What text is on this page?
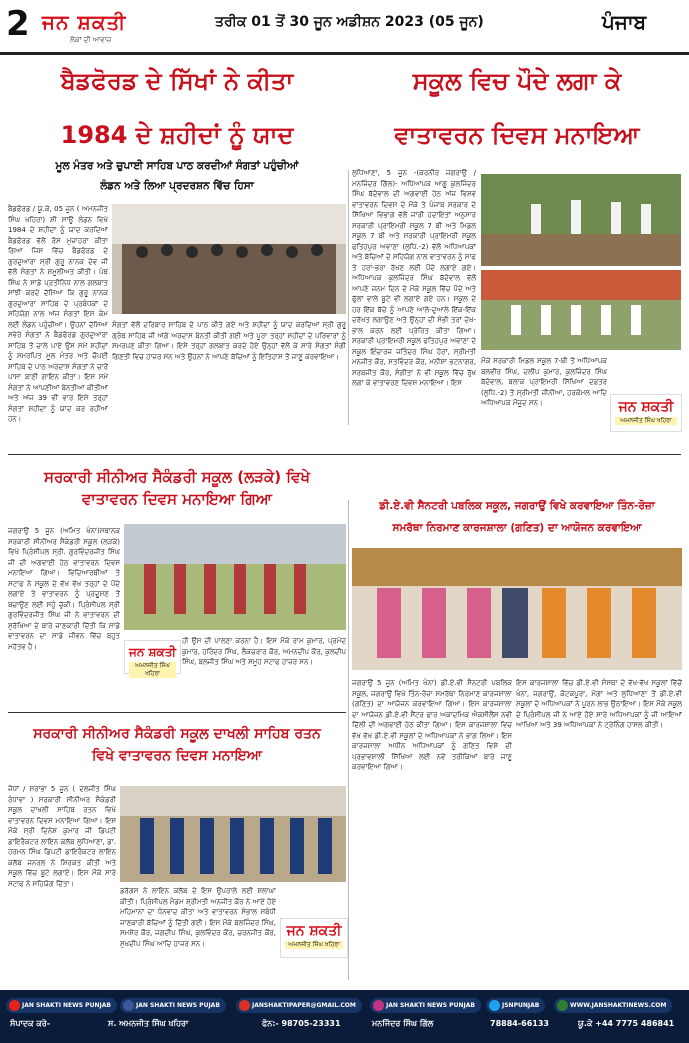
2 ਜਨ ਸ਼ਕਤੀ
ਲੋਕਾਂ ਦੀ ਆਵਾਜ਼
ਤਰੀਕ 01 ਤੋਂ 30 ਜੂਨ ਅਡੀਸ਼ਨ 2023 (05 ਜੂਨ)	ਪੰਜਾਬ
ਬੈਡਫੋਰਡ ਦੇ ਸਿੱਖਾਂ ਨੇ ਕੀਤਾ
1984 ਦੇ ਸ਼ਹੀਦਾਂ ਨੂੰ ਯਾਦ
ਸਕੂਲ ਵਿਚ ਪੌਦੇ ਲਗਾ ਕੇ
ਵਾਤਾਵਰਨ ਦਿਵਸ ਮਨਾਇਆ
ਮੂਲ ਮੰਤਰ ਅਤੇ ਚੁਪਾਈ ਸਾਹਿਬ ਪਾਠ ਕਰਦੀਆਂ ਸੰਗਤਾਂ ਪਹੁੰਚੀਆਂ
ਲੰਡਨ ਅਤੇ ਲਿਆ ਪ੍ਰਦਰਸ਼ਨ ਵਿੱਚ ਹਿਸਾ
ਬੈਡਫੋਰਡ / ਯੂ.ਕੇ, 05 ਜੂਨ ( ਅਮਨਜੀਤ ਸਿੰਘ ਖਹਿਰਾ) ਸ਼ੀ ਸਾਊ ਲੰਡਨ ਵਿਖੇ 1984 ਦੇ ਸ਼ਹੀਦਾਂ ਨੂੰ ਯਾਦ ਕਰਦਿਆਂ ਬੈਡਫੋਰਡ ਵੱਲੋਂ ਰੋਸ ਮੁਜ਼ਾਹਰਾ ਕੀਤਾ ਗਿਆ ਜਿਸ ਵਿੱਚ ਬੈਡਫੋਰਡ ਦੇ ਗੁਰਦੁਆਰਾ ਸ੍ਰੀ ਗੁਰੂ ਨਾਨਕ ਦੇਵ ਜੀ ਵੱਲੋਂ ਸੰਗਤਾਂ ਨੇ ਸ਼ਮੂਲੀਅਤ ਕੀਤੀ। ਪੰਥ ਸਿੰਘ ਨੇ ਸਾਡੇ ਪ੍ਰਤੀਨਿਧ ਨਾਲ ਗਲਬਾਤ ਸਾਂਝੀ ਕਰਦੇ ਦੱਸਿਆ ਕਿ ਗੁਰੂ ਨਾਨਕ ਗੁਰਦੁਆਰਾ ਸਾਹਿਬ ਦੇ ਪ੍ਰਬੰਧਕਾਂ ਦੇ ਸਹਿਯੋਗ ਨਾਲ ਅੱਜ ਸੰਗਤਾਂ ਇਸ ਕੰਮ ਲਈ ਲੰਡਨ ਪਹੁੰਚੀਆਂ। ਉਹਨਾਂ ਦੱਸਿਆ ਸਵੇਰੇ ਸੰਗਤਾਂ ਨੇ ਬੈਡਫੋਰਡ ਗੁਰਦੁਆਰਾ ਸਾਹਿਬ ਤੋਂ ਚਾਲੇ ਪਾਏ ਉਸ ਸਮੇਂ ਸ਼ਹੀਦਾਂ ਨੂੰ ਸਮਰਪਿਤ ਮੂਲ ਮੰਤਰ ਅਤੇ ਚੌਪਈ ਸਾਹਿਬ ਦੇ ਪਾਠ ਅਰਦਾਸ ਸੰਗਤਾਂ ਨੇ ਚਾਰੋਂ ਪਾਸਾ ਬਾਣੀ ਗਾਇਨ ਕੀਤਾ। ਇਸ ਸਮੇਂ ਸੰਗਤਾਂ ਨੇ ਆਪਣੀਆਂ ਬੇਨਤੀਆਂ ਕੀਤੀਆਂ ਅਤੇ ਅੱਜ 39 ਵੀਂ ਵਾਰ ਇਸੇ ਤਰ੍ਹਾਂ ਸੰਗਤਾਂ ਸ਼ਹੀਦਾਂ ਨੂੰ ਯਾਦ ਕਰ ਰਹੀਆਂ ਹਨ।
ਸੰਗਤਾਂ ਵੱਲੋਂ ਦਰਿਬਾਰ ਸਾਹਿਬ ਦੇ ਪਾਠ ਕੀਤੇ ਗਏ ਅਤੇ ਸ਼ਹੀਦਾਂ ਨੂੰ ਯਾਦ ਕਰਦਿਆਂ ਸ੍ਰੀ ਗੁਰੂ ਗ੍ਰੰਥ ਸਾਹਿਬ ਜੀ ਅੱਗੇ ਅਰਦਾਸ ਬੇਨਤੀ ਕੀਤੀ ਗਈ ਅਤੇ ਪੂਰਾ ਤਰ੍ਹਾਂ ਸ਼ਹੀਦਾਂ ਦੇ ਪਰਿਵਾਰਾਂ ਨੂੰ ਸਮਰਪਣ ਕੀਤਾ ਗਿਆ। ਇਸੇ ਤਰ੍ਹਾਂ ਗਲਬਾਤ ਕਰਦੇ ਹੋਏ ਉਨ੍ਹਾਂ ਵੱਲੋਂ ਕੇ ਸਾਰੇ ਸੰਗਤਾਂ ਸੰਗੀ ਗਿਣਤੀ ਵਿਚ ਹਾਜ਼ਰ ਸਨ ਅਤੇ ਉਹਨਾਂ ਨੇ ਆਪਣੇ ਬੱਚਿਆਂ ਨੂੰ ਇਤਿਹਾਸ ਤੋਂ ਜਾਣੂ ਕਰਵਾਇਆ।
ਲੁਧਿਆਣਾ, 5 ਜੂਨ -(ਕਰਨੀਰ ਜਗਰਾਉਂ / ਮਨਜਿੰਦਰ ਗਿੱਲ)- ਅਧਿਆਪਕ ਆਗੂ ਕੁਲਜਿੰਦਰ ਸਿੰਘ ਬੱਦੋਵਾਲ ਦੀ ਅਗਵਾਈ ਹੇਠ ਅੱਜ ਵਿਸ਼ਵ ਵਾਤਾਵਰਨ ਦਿਵਸ ਦੇ ਮੌਕੇ ਤੇ ਪੰਜਾਬ ਸਰਕਾਰ ਦੇ ਸਿੱਖਿਆ ਵਿਭਾਗ ਵੱਲੋਂ ਜਾਰੀ ਹਦਾਇਤਾਂ ਅਨੁਸਾਰ ਸਰਕਾਰੀ ਪ੍ਰਾਇਮਰੀ ਸਕੂਲ 7 ਬੀ ਅਤੇ ਮਿਡਲ ਸਕੂਲ 7 ਬੀ ਅਤੇ ਸਰਕਾਰੀ ਪ੍ਰਾਇਮਰੀ ਸਕੂਲ ਫਤਿਹਪੁਰ ਅਵਾਣਾ (ਲੁਧਿ.-2) ਵੱਲੋਂ ਅਧਿਆਪਕਾਂ ਅਤੇ ਬੱਚਿਆਂ ਦੇ ਸਹਿਯੋਗ ਨਾਲ ਵਾਤਾਵਰਨ ਨੂੰ ਸਾਫ ਤੇ ਹਰਾ-ਭਰਾ ਰੱਖਣ ਲਈ ਪੌਦੇ ਲਗਾਏ ਗਏ। ਅਧਿਆਪਕ ਕੁਲਜਿੰਦਰ ਸਿੰਘ ਬੱਦੋਵਾਲ ਵੱਲੋਂ ਆਪਣੇ ਜਨਮ ਦਿਨ ਦੇ ਮੌਕੇ ਸਕੂਲ ਵਿੱਚ ਪੌਦੇ ਅਤੇ ਫੁੱਲਾਂ ਵਾਲੇ ਬੂਟੇ ਵੀ ਲਗਾਏ ਗਏ ਹਨ। ਸਕੂਲ ਦੇ ਹਰ ਇੱਕ ਬੱਚੇ ਨੂੰ ਆਪਣੇ ਆਲੇ-ਦੁਆਲੇ ਇੱਕ-ਇੱਕ ਦਰੱਖਤ ਲਗਾਉਣ ਅਤੇ ਉਨ੍ਹਾਂ ਦੀ ਸੰਭੀ ਤਰਾਂ ਦੇਖ-ਭਾਲ ਕਰਨ ਲਈ ਪ੍ਰੇਰਿਤ ਕੀਤਾ ਗਿਆ। ਸਰਕਾਰੀ ਪ੍ਰਾਇਮਰੀ ਸਕੂਲ ਫਤਿਹਪੁਰ ਅਵਾਣਾ ਦੇ ਸਕੂਲ ਇੰਚਾਰਜ ਜਤਿੰਦਰ ਸਿੰਘ ਹੋਰਾਂ, ਸ੍ਰੀਮਤੀ ਮਨਜੀਤ ਕੌਰ, ਸਤਵਿੰਦਰ ਕੌਰ, ਮਨੀਸ਼ਾ ਭਟਨਾਗਰ, ਸਰਬਜੀਤ ਕੌਰ, ਸੰਗੀਤਾ ਨੇ ਵੀ ਸਕੂਲ ਵਿੱਚ ਰੁੱਖ ਲਗਾ ਕੇ ਵਾਤਾਵਰਣ ਦਿਵਸ ਮਨਾਇਆ। ਇਸ
ਮੌਕੇ ਸਰਕਾਰੀ ਮਿਡਲ ਸਕੂਲ 7-ਬੀ ਤੋਂ ਅਧਿਆਪਕ ਬਲਵੀਰ ਸਿੰਘ, ਦਲੀਪ ਕੁਮਾਰ, ਕੁਲਜਿੰਦਰ ਸਿੰਘ ਬੱਦੋਵਾਲ, ਬਲਾਕ ਪ੍ਰਾਇਮਰੀ ਸਿੱਖਿਆ ਦਫ਼ਤਰ (ਲੁਧਿ.-2) ਤੋਂ ਸ੍ਰੀਮਤੀ ਜੀਨੀਆ, ਹਰਕੋਮਲ ਆਦਿ ਅਧਿਆਪਕ ਮੌਜੂਦ ਸਨ।	ਜਨ ਸ਼ਕਤੀ
ਅਮਨਜੀਤ ਸਿੰਘ ਖਹਿਰਾ
ਸਰਕਾਰੀ ਸੀਨੀਅਰ ਸੈਕੰਡਰੀ ਸਕੂਲ (ਲੜਕੇ) ਵਿਖੇ
ਵਾਤਾਵਰਨ ਦਿਵਸ ਮਨਾਇਆ ਗਿਆ
ਜਗਰਾਉਂ 5 ਜੂਨ (ਅਮਿਤ ਖੰਨਾ)ਸਥਾਨਕ ਸਰਕਾਰੀ ਸੀਨੀਅਰ ਸੈਕੰਡਰੀ ਸਕੂਲ (ਲੜਕੇ) ਵਿਖੇ ਪ੍ਰਿੰਸੀਪਲ ਸ੍ਰੀ. ਗੁਰਵਿੰਦਰਜੀਤ ਸਿੰਘ ਜੀ ਦੀ ਅਗਵਾਈ ਹੇਠ ਵਾਤਾਵਰਨ ਦਿਵਸ ਮਨਾਇਆ ਗਿਆ। ਵਿਦਿਆਰਥੀਆਂ ਤੇ ਸਟਾਫ ਨੇ ਸਕੂਲ ਦੇ ਵੱਖ ਵੱਖ ਤਰ੍ਹਾਂ ਦੇ ਪੌਦੇ ਲਗਾਏ ਤੇ ਵਾਤਾਵਰਨ ਨੂੰ ਪ੍ਰਦੂਸ਼ਣ ਤੋਂ ਬਚਾਉਣ ਲਈ ਸਹੁੰ ਚੁੱਕੀ। ਪ੍ਰਿੰਸੀਪਲ ਸ੍ਰੀ ਗੁਰਵਿੰਦਰਜੀਤ ਸਿੰਘ ਜੀ ਨੇ ਵਾਤਾਵਰਨ ਦੀ ਸੁਰੱਖਿਆ ਦੇ ਬਾਰੇ ਜਾਣਕਾਰੀ ਦਿੱਤੀ ਕਿ ਸਾਡੇ ਵਾਤਾਵਰਨ ਦਾ ਸਾਡੇ ਜੀਵਨ ਵਿੱਚ ਬਹੁਤ ਮਹੱਤਵ ਹੈ।
ਹੀ ਉਸ ਦੀ ਪਾਲਣਾ ਕਰਨਾ ਹੈ। ਇਸ ਮੌਕੇ ਰਾਮ ਕੁਮਾਰ, ਪ੍ਰਮੋਦ ਕੁਮਾਰ, ਹਰਿੰਦਰ ਸਿੰਘ, ਲੈਕਚਰਾਰ ਕੌਰ, ਅਮਨਦੀਪ ਕੌਰ, ਕੁਲਦੀਪ ਸਿੰਘ, ਬਲਜੀਤ ਸਿੰਘ ਅਤੇ ਸਮੂਹ ਸਟਾਫ ਹਾਜ਼ਰ ਸਨ।
ਜਨ ਸ਼ਕਤੀ
ਅਮਨਜੀਤ ਸਿੰਘ ਖਹਿਰਾ
ਡੀ.ਏ.ਵੀ ਸੈਨਟਰੀ ਪਬਲਿਕ ਸਕੂਲ, ਜਗਰਾਉਂ ਵਿਖੇ ਕਰਵਾਇਆ ਤਿੰਨ-ਰੋਜ਼ਾ
ਸਮਰੱਥਾ ਨਿਰਮਾਣ ਕਾਰਜਸ਼ਾਲਾ (ਗਣਿਤ) ਦਾ ਆਯੋਜਨ ਕਰਵਾਇਆ
ਜਗਰਾਉਂ 5 ਜੂਨ (ਅਮਿਤ ਖੰਨਾ) ਡੀ.ਏ.ਵੀ ਸੈਨਟਰੀ ਪਬਲਿਕ ਸਕੂਲ, ਜਗਰਾਉਂ ਵਿਖੇ ਤਿੰਨ-ਰੋਜ਼ਾ ਸਮਰੱਥਾ ਨਿਰਮਾਣ ਕਾਰਜਸ਼ਾਲਾ (ਗਣਿਤ) ਦਾ ਆਯੋਜਨ ਕਰਵਾਇਆ ਗਿਆ। ਇਸ ਕਾਰਜਸ਼ਾਲਾ ਦਾ ਆਯੋਜਨ ਡੀ.ਏ.ਵੀ ਸੈਂਟਰ ਫਾਰ ਅਕਾਦਮਿਕ ਐਕਸੀਲੈਂਸ ਨਵੀਂ ਦਿੱਲੀ ਦੀ ਅਗਵਾਈ ਹੇਠ ਕੀਤਾ ਗਿਆ। ਇਸ ਕਾਰਜਸ਼ਾਲਾ ਵਿਚ ਵੱਖ ਵੱਖ ਡੀ.ਏ.ਵੀ ਸਕੂਲਾਂ ਦੇ ਅਧਿਆਪਕਾਂ ਨੇ ਭਾਗ ਲਿਆ। ਇਸ ਕਾਰਜਸ਼ਾਲਾ ਅਧੀਨ ਅਧਿਆਪਕਾਂ ਨੂੰ ਗਣਿਤ ਵਿਸ਼ੇ ਦੀ ਪ੍ਰਭਾਵਸ਼ਾਲੀ ਸਿੱਖਿਆ ਲਈ ਨਵੇਂ ਤਰੀਕਿਆਂ ਬਾਰੇ ਜਾਣੂ ਕਰਵਾਇਆ ਗਿਆ।
ਇਸ ਕਾਰਜਸ਼ਾਲਾ ਵਿੱਚ ਡੀ.ਏ.ਵੀ ਸੰਸਥਾ ਦੇ ਵੱਖ-ਵੱਖ ਸਕੂਲਾਂ ਵਿੱਚੋਂ ਖੰਨਾ, ਜਗਰਾਉਂ, ਕੋਟਕਪੂਰਾ, ਮੋਗਾ ਅਤੇ ਲੁਧਿਆਣਾ ਤੋਂ ਡੀ.ਏ.ਵੀ ਸਕੂਲਾਂ ਦੇ ਅਧਿਆਪਕਾਂ ਨੇ ਪੂਰਨ ਲਾਭ ਉਠਾਇਆ। ਇਸ ਮੌਕੇ ਸਕੂਲ ਦੇ ਪ੍ਰਿੰਸੀਪਲ ਜੀ ਨੇ ਆਏ ਹੋਏ ਸਾਰੇ ਅਧਿਆਪਕਾਂ ਨੂੰ ਜੀ ਆਇਆਂ ਆਖਿਆ ਅਤੇ 39 ਅਧਿਆਪਕਾਂ ਨੇ ਟ੍ਰੇਨਿੰਗ ਹਾਸਲ ਕੀਤੀ।
ਸਰਕਾਰੀ ਸੀਨੀਅਰ ਸੈਕੰਡਰੀ ਸਕੂਲ ਦਾਖਲੀ ਸਾਹਿਬ ਰਤਨ
ਵਿਖੇ ਵਾਤਾਵਰਨ ਦਿਵਸ ਮਨਾਇਆ
ਜੋਧਾਂ / ਸਰਾਭਾ 5 ਜੂਨ ( ਦਲਜੀਤ ਸਿੰਘ ਰੰਧਾਵਾ ) ਸਰਕਾਰੀ ਸੀਨੀਅਰ ਸੈਕੰਡਰੀ ਸਕੂਲ ਦਾਖਲੀ ਸਾਹਿਬ ਰਤਨ ਵਿਖੇ ਵਾਤਾਵਰਨ ਦਿਵਸ ਮਨਾਇਆ ਗਿਆ। ਇਸ ਮੌਕੇ ਸ੍ਰੀ ਦਿਨੇਸ਼ ਕੁਮਾਰ ਜੀ ਡਿਪਟੀ ਡਾਇਰੈਕਟਰ ਲਾਇਨ ਕਲੱਬ ਲੁਧਿਆਣਾ, ਡਾ. ਹਰਮਨ ਸਿੰਘ ਡਿਪਟੀ ਡਾਇਰੈਕਟਰ ਲਾਇਨ ਕਲੱਬ ਜਨਰਲ ਨੇ ਸ਼ਿਰਕਤ ਕੀਤੀ ਅਤੇ ਸਕੂਲ ਵਿੱਚ ਬੂਟੇ ਲਗਾਏ। ਇਸ ਮੌਕੇ ਸਾਰੇ ਸਟਾਫ ਨੇ ਸਹਿਯੋਗ ਦਿੱਤਾ।
ਡਰੱਗਸ ਨੇ ਲਾਇਨ ਕਲੱਬ ਦੇ ਇਸ ਉਪਰਾਲੇ ਲਈ ਸ਼ਲਾਘਾ ਕੀਤੀ। ਪ੍ਰਿੰਸੀਪਲ ਮੈਡਮ ਸ਼੍ਰੀਮਤੀ ਅਨਜੀਤ ਕੌਰ ਨੇ ਆਏ ਹੋਏ ਮਹਿਮਾਨਾਂ ਦਾ ਧੰਨਵਾਦ ਕੀਤਾ ਅਤੇ ਵਾਤਾਵਰਨ ਸੰਭਾਲ ਸਬੰਧੀ ਜਾਣਕਾਰੀ ਬੱਚਿਆਂ ਨੂੰ ਦਿੱਤੀ ਗਈ। ਇਸ ਮੌਕੇ ਬਲਜਿੰਦਰ ਸਿੰਘ, ਸਮਸ਼ੇਰ ਕੌਰ, ਜਗਦੀਪ ਸਿੰਘ, ਕੁਲਵਿੰਦਰ ਕੌਰ, ਚਰਨਜੀਤ ਕੌਰ, ਸੁਖਦੀਪ ਸਿੰਘ ਆਦਿ ਹਾਜ਼ਰ ਸਨ।
ਜਨ ਸ਼ਕਤੀ
ਅਮਨਜੀਤ ਸਿੰਘ ਖਹਿਰਾ
JAN SHAKTI NEWS PUNJAB	JAN SHAKTI NEWS PUJAB	JANSHAKTIPAPER@GMAIL.COM	JAN SHAKTI NEWS PUNJAB	JSNPUNJAB	WWW.JANSHAKTINEWS.COM
ਸੰਪਾਦਕ ਕਰੇ-	ਸ. ਅਮਨਜੀਤ ਸਿੰਘ ਖਹਿਰਾ	ਫੋਨ:- 98705-23331	ਮਨਜਿੰਦਰ ਸਿੰਘ ਗਿੱਲ	78884-66133	ਯੂ.ਕੇ +44 7775 486841
